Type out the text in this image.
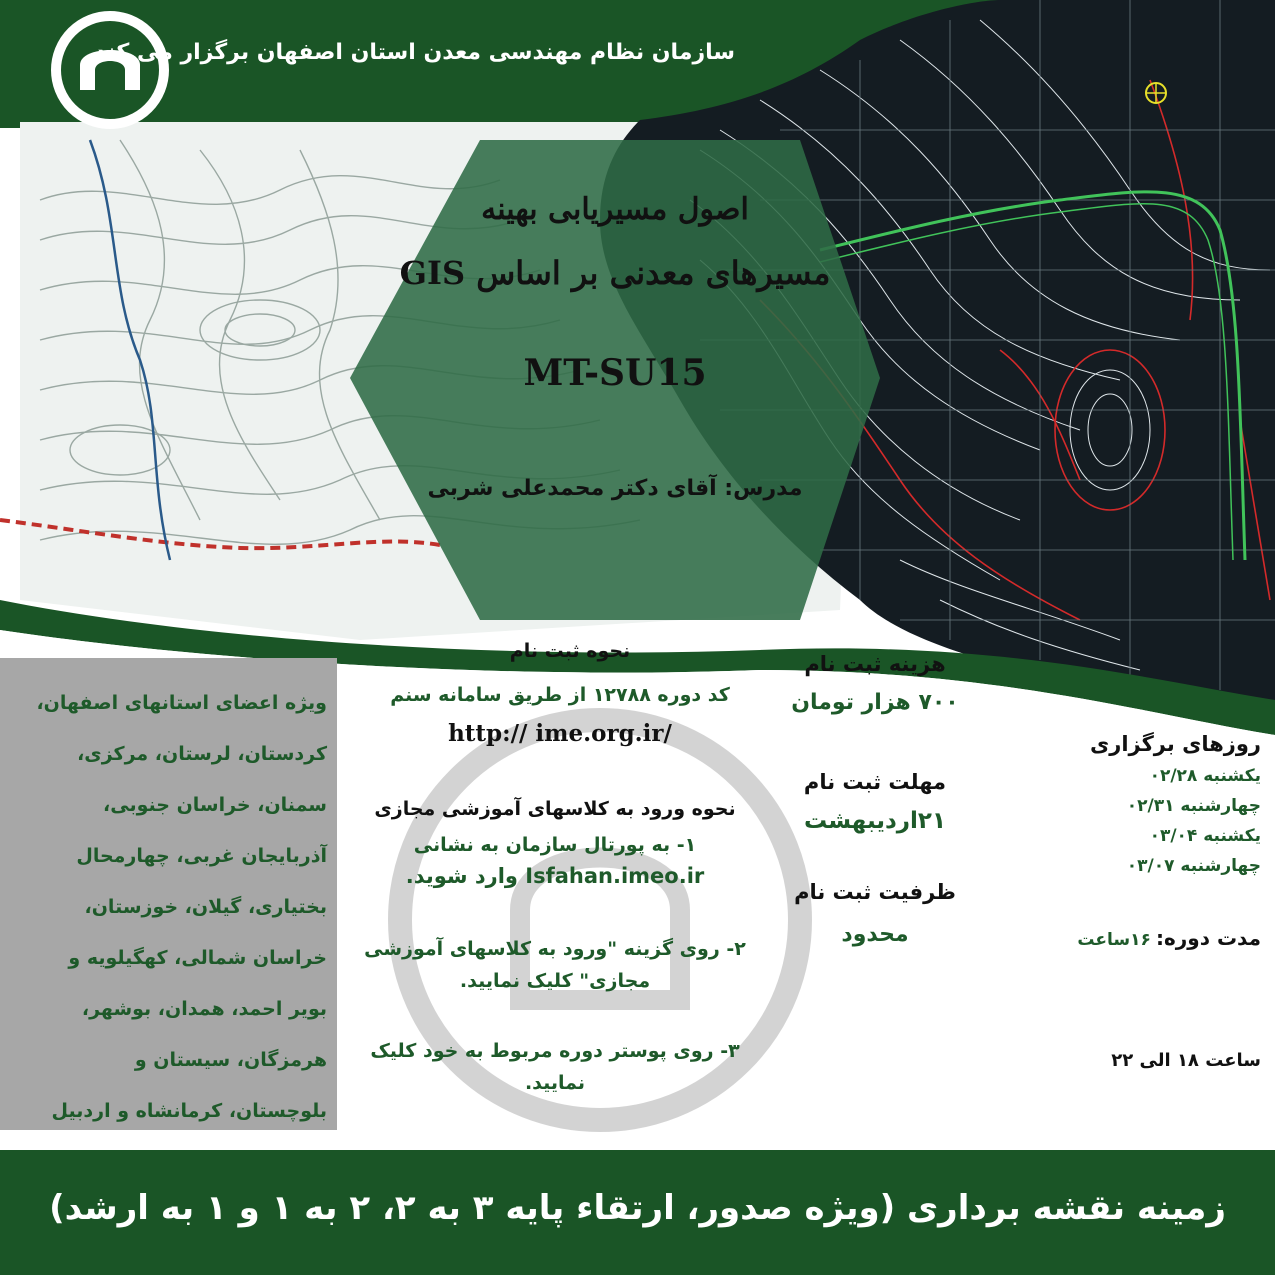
سازمان نظام مهندسی معدن استان اصفهان برگزار می کند
اصول مسیریابی بهینه
مسیرهای معدنی بر اساس GIS
MT-SU15
مدرس: آقای دکتر محمدعلی شربی
ویژه اعضای استانهای اصفهان،
کردستان، لرستان، مرکزی،
سمنان، خراسان جنوبی،
آذربایجان غربی، چهارمحال
بختیاری، گیلان، خوزستان،
خراسان شمالی، کهگیلویه و
بویر احمد، همدان، بوشهر،
هرمزگان، سیستان و
بلوچستان، کرمانشاه و اردبیل
نحوه ثبت نام
کد دوره ۱۲۷۸۸ از طریق سامانه سنم
http:// ime.org.ir/
نحوه ورود به کلاسهای آموزشی مجازی
۱- به پورتال سازمان به نشانی
Isfahan.imeo.ir وارد شوید.
۲- روی گزینه "ورود به کلاسهای آموزشی
مجازی" کلیک نمایید.
۳- روی پوستر دوره مربوط به خود کلیک
نمایید.
هزینه ثبت نام
۷۰۰ هزار تومان
مهلت ثبت نام
۲۱اردیبهشت
ظرفیت ثبت نام
محدود
روزهای برگزاری
یکشنبه ۰۲/۲۸
چهارشنبه ۰۲/۳۱
یکشنبه ۰۳/۰۴
چهارشنبه ۰۳/۰۷
مدت دوره: ۱۶ساعت
ساعت ۱۸ الی ۲۲
زمینه نقشه برداری (ویژه صدور، ارتقاء پایه ۳ به ۲، ۲ به ۱ و ۱ به ارشد)
